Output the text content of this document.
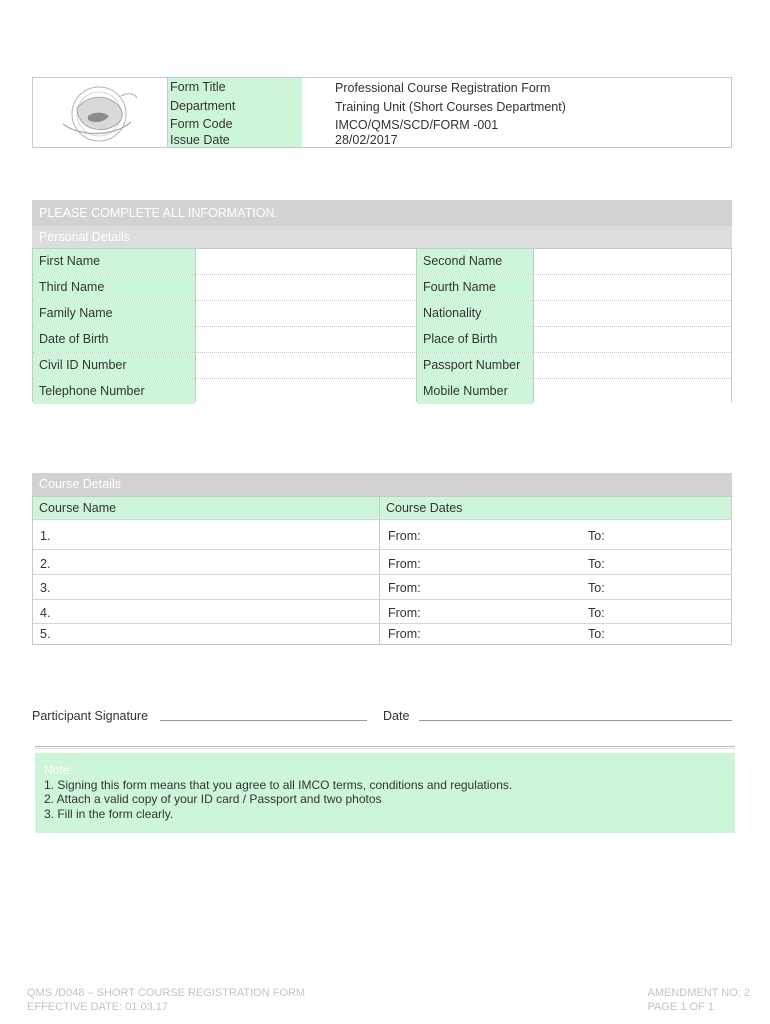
Form Title	Professional Course Registration Form
Department	Training Unit (Short Courses Department)
Form Code	IMCO/QMS/SCD/FORM -001
Issue Date	28/02/2017
PLEASE COMPLETE ALL INFORMATION.
Personal Details
First Name	Second Name
Third Name	Fourth Name
Family Name	Nationality
Date of Birth	Place of Birth
Civil ID Number	Passport Number
Telephone Number	Mobile Number
Course Details
Course Name	Course Dates
1.	From:	To:
2.	From:	To:
3.	From:	To:
4.	From:	To:
5.	From:	To:
Participant Signature	Date
Note:
1. Signing this form means that you agree to all IMCO terms, conditions and regulations.
2. Attach a valid copy of your ID card / Passport and two photos
3. Fill in the form clearly.
QMS /D048 – SHORT COURSE REGISTRATION FORM
EFFECTIVE DATE: 01.03.17
AMENDMENT NO: 2
PAGE 1 OF 1
